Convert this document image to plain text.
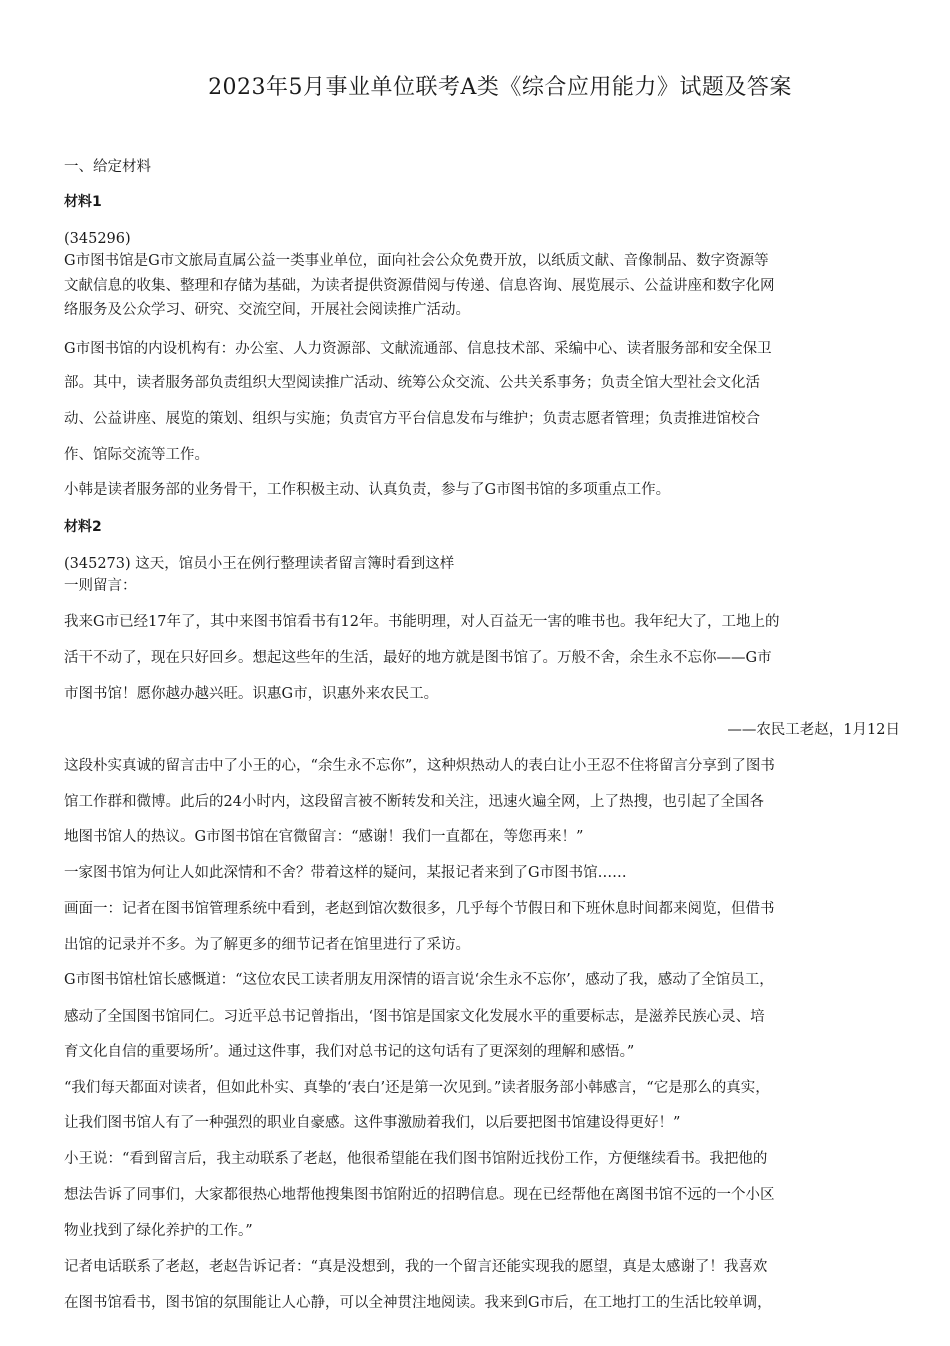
2023年5月事业单位联考A类《综合应用能力》试题及答案
一、给定材料
材料1
(345296)
G市图书馆是G市文旅局直属公益一类事业单位，面向社会公众免费开放，以纸质文献、音像制品、数字资源等
文献信息的收集、整理和存储为基础，为读者提供资源借阅与传递、信息咨询、展览展示、公益讲座和数字化网
络服务及公众学习、研究、交流空间，开展社会阅读推广活动。
G市图书馆的内设机构有：办公室、人力资源部、文献流通部、信息技术部、采编中心、读者服务部和安全保卫
部。其中，读者服务部负责组织大型阅读推广活动、统筹公众交流、公共关系事务；负责全馆大型社会文化活
动、公益讲座、展览的策划、组织与实施；负责官方平台信息发布与维护；负责志愿者管理；负责推进馆校合
作、馆际交流等工作。
小韩是读者服务部的业务骨干，工作积极主动、认真负责，参与了G市图书馆的多项重点工作。
材料2
(345273) 这天，馆员小王在例行整理读者留言簿时看到这样
一则留言：
我来G市已经17年了，其中来图书馆看书有12年。书能明理，对人百益无一害的唯书也。我年纪大了，工地上的
活干不动了，现在只好回乡。想起这些年的生活，最好的地方就是图书馆了。万般不舍，余生永不忘你——G市
市图书馆！愿你越办越兴旺。识惠G市，识惠外来农民工。
——农民工老赵，1月12日
这段朴实真诚的留言击中了小王的心，“余生永不忘你”，这种炽热动人的表白让小王忍不住将留言分享到了图书
馆工作群和微博。此后的24小时内，这段留言被不断转发和关注，迅速火遍全网，上了热搜，也引起了全国各
地图书馆人的热议。G市图书馆在官微留言：“感谢！我们一直都在，等您再来！”
一家图书馆为何让人如此深情和不舍？带着这样的疑问，某报记者来到了G市图书馆……
画面一：记者在图书馆管理系统中看到，老赵到馆次数很多，几乎每个节假日和下班休息时间都来阅览，但借书
出馆的记录并不多。为了解更多的细节记者在馆里进行了采访。
G市图书馆杜馆长感慨道：“这位农民工读者朋友用深情的语言说‘余生永不忘你’，感动了我，感动了全馆员工，
感动了全国图书馆同仁。习近平总书记曾指出，‘图书馆是国家文化发展水平的重要标志，是滋养民族心灵、培
育文化自信的重要场所’。通过这件事，我们对总书记的这句话有了更深刻的理解和感悟。”
“我们每天都面对读者，但如此朴实、真挚的‘表白’还是第一次见到。”读者服务部小韩感言，“它是那么的真实，
让我们图书馆人有了一种强烈的职业自豪感。这件事激励着我们，以后要把图书馆建设得更好！”
小王说：“看到留言后，我主动联系了老赵，他很希望能在我们图书馆附近找份工作，方便继续看书。我把他的
想法告诉了同事们，大家都很热心地帮他搜集图书馆附近的招聘信息。现在已经帮他在离图书馆不远的一个小区
物业找到了绿化养护的工作。”
记者电话联系了老赵，老赵告诉记者：“真是没想到，我的一个留言还能实现我的愿望，真是太感谢了！我喜欢
在图书馆看书，图书馆的氛围能让人心静，可以全神贯注地阅读。我来到G市后，在工地打工的生活比较单调，
